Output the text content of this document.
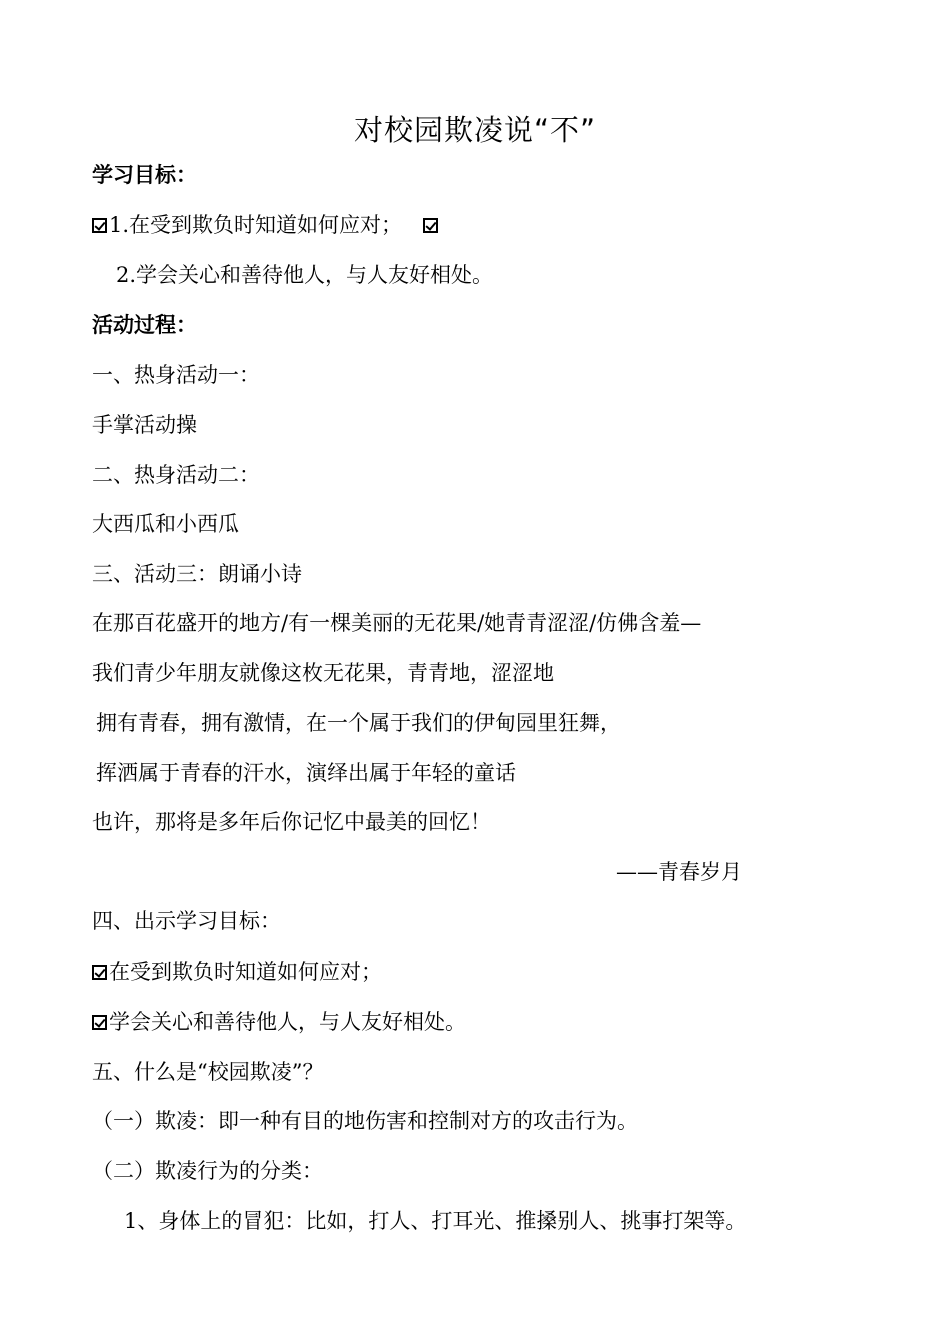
对校园欺凌说“不”
学习目标：
1.在受到欺负时知道如何应对；
2.学会关心和善待他人，与人友好相处。
活动过程：
一、热身活动一：
手掌活动操
二、热身活动二：
大西瓜和小西瓜
三、活动三：朗诵小诗
在那百花盛开的地方/有一棵美丽的无花果/她青青涩涩/仿佛含羞—
我们青少年朋友就像这枚无花果，青青地，涩涩地
拥有青春，拥有激情，在一个属于我们的伊甸园里狂舞，
挥洒属于青春的汗水，演绎出属于年轻的童话
也许，那将是多年后你记忆中最美的回忆！
——青春岁月
四、出示学习目标：
在受到欺负时知道如何应对；
学会关心和善待他人，与人友好相处。
五、什么是“校园欺凌”？
（一）欺凌：即一种有目的地伤害和控制对方的攻击行为。
（二）欺凌行为的分类：
1、身体上的冒犯：比如，打人、打耳光、推搡别人、挑事打架等。
